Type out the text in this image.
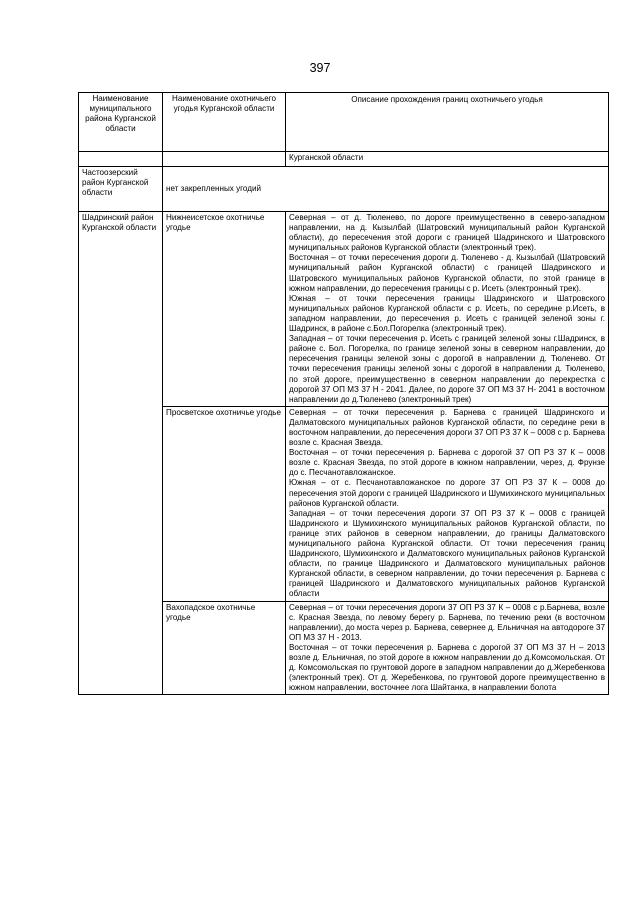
397
Наименование муниципального района Курганской области	Наименование охотничьего угодья Курганской области	Описание прохождения границ охотничьего угодья
		Курганской области
Частоозерский район Курганской области	нет закрепленных угодий	
Шадринский район Курганской области	Нижнеисетское охотничье угодье	Северная – от д. Тюленево, по дороге преимущественно в северо-западном направлении, на д. Кызылбай (Шатровский муниципальный район Курганской области), до пересечения этой дороги с границей Шадринского и Шатровского муниципальных районов Курганской области (электронный трек).

Восточная – от точки пересечения дороги д. Тюленево - д. Кызылбай (Шатровский муниципальный район Курганской области) с границей Шадринского и Шатровского муниципальных районов Курганской области, по этой границе в южном направлении, до пересечения границы с р. Исеть (электронный трек).

Южная – от точки пересечения границы Шадринского и Шатровского муниципальных районов Курганской области с р. Исеть, по середине р.Исеть, в западном направлении, до пересечения р. Исеть с границей зеленой зоны г. Шадринск, в районе с.Бол.Погорелка (электронный трек).

Западная – от точки пересечения р. Исеть с границей зеленой зоны г.Шадринск, в районе с. Бол. Погорелка, по границе зеленой зоны в северном направлении, до пересечения границы зеленой зоны с дорогой в направлении д. Тюленево. От точки пересечения границы зеленой зоны с дорогой в направлении д. Тюленево, по этой дороге, преимущественно в северном направлении до перекрестка с дорогой 37 ОП МЗ 37 Н - 2041. Далее, по дороге 37 ОП МЗ 37 Н- 2041 в восточном направлении до д.Тюленево (электронный трек)

	Просветское охотничье угодье	Северная – от точки пересечения р. Барнева с границей Шадринского и Далматовского муниципальных районов Курганской области, по середине реки в восточном направлении, до пересечения дороги 37 ОП РЗ 37 К – 0008 с р. Барнева возле с. Красная Звезда.

Восточная – от точки пересечения р. Барнева с дорогой 37 ОП РЗ 37 К – 0008 возле с. Красная Звезда, по этой дороге в южном направлении, через, д. Фрунзе до с. Песчанотавложанское.

Южная – от с. Песчанотавложанское по дороге 37 ОП РЗ 37 К – 0008 до пересечения этой дороги с границей Шадринского и Шумихинского муниципальных районов Курганской области.

Западная – от точки пересечения дороги 37 ОП РЗ 37 К – 0008 с границей Шадринского и Шумихинского муниципальных районов Курганской области, по границе этих районов в северном направлении, до границы Далматовского муниципального района Курганской области. От точки пересечения границ Шадринского, Шумихинского и Далматовского муниципальных районов Курганской области, по границе Шадринского и Далматовского муниципальных районов Курганской области, в северном направлении, до точки пересечения р. Барнева с границей Шадринского и Далматовского муниципальных районов Курганской области

	Вахопадское охотничье угодье	Северная – от точки пересечения дороги 37 ОП РЗ 37 К – 0008 с р.Барнева, возле с. Красная Звезда, по левому берегу р. Барнева, по течению реки (в восточном направлении), до моста через р. Барнева, севернее д. Ельничная на автодороге 37 ОП МЗ 37 Н - 2013.

Восточная – от точки пересечения р. Барнева с дорогой 37 ОП МЗ 37 Н – 2013 возле д. Ельничная, по этой дороге в южном направлении до д.Комсомольская. От д. Комсомольская по грунтовой дороге в западном направлении до д.Жеребенкова (электронный трек). От д. Жеребенкова, по грунтовой дороге преимущественно в южном направлении, восточнее лога Шайтанка, в направлении болота
